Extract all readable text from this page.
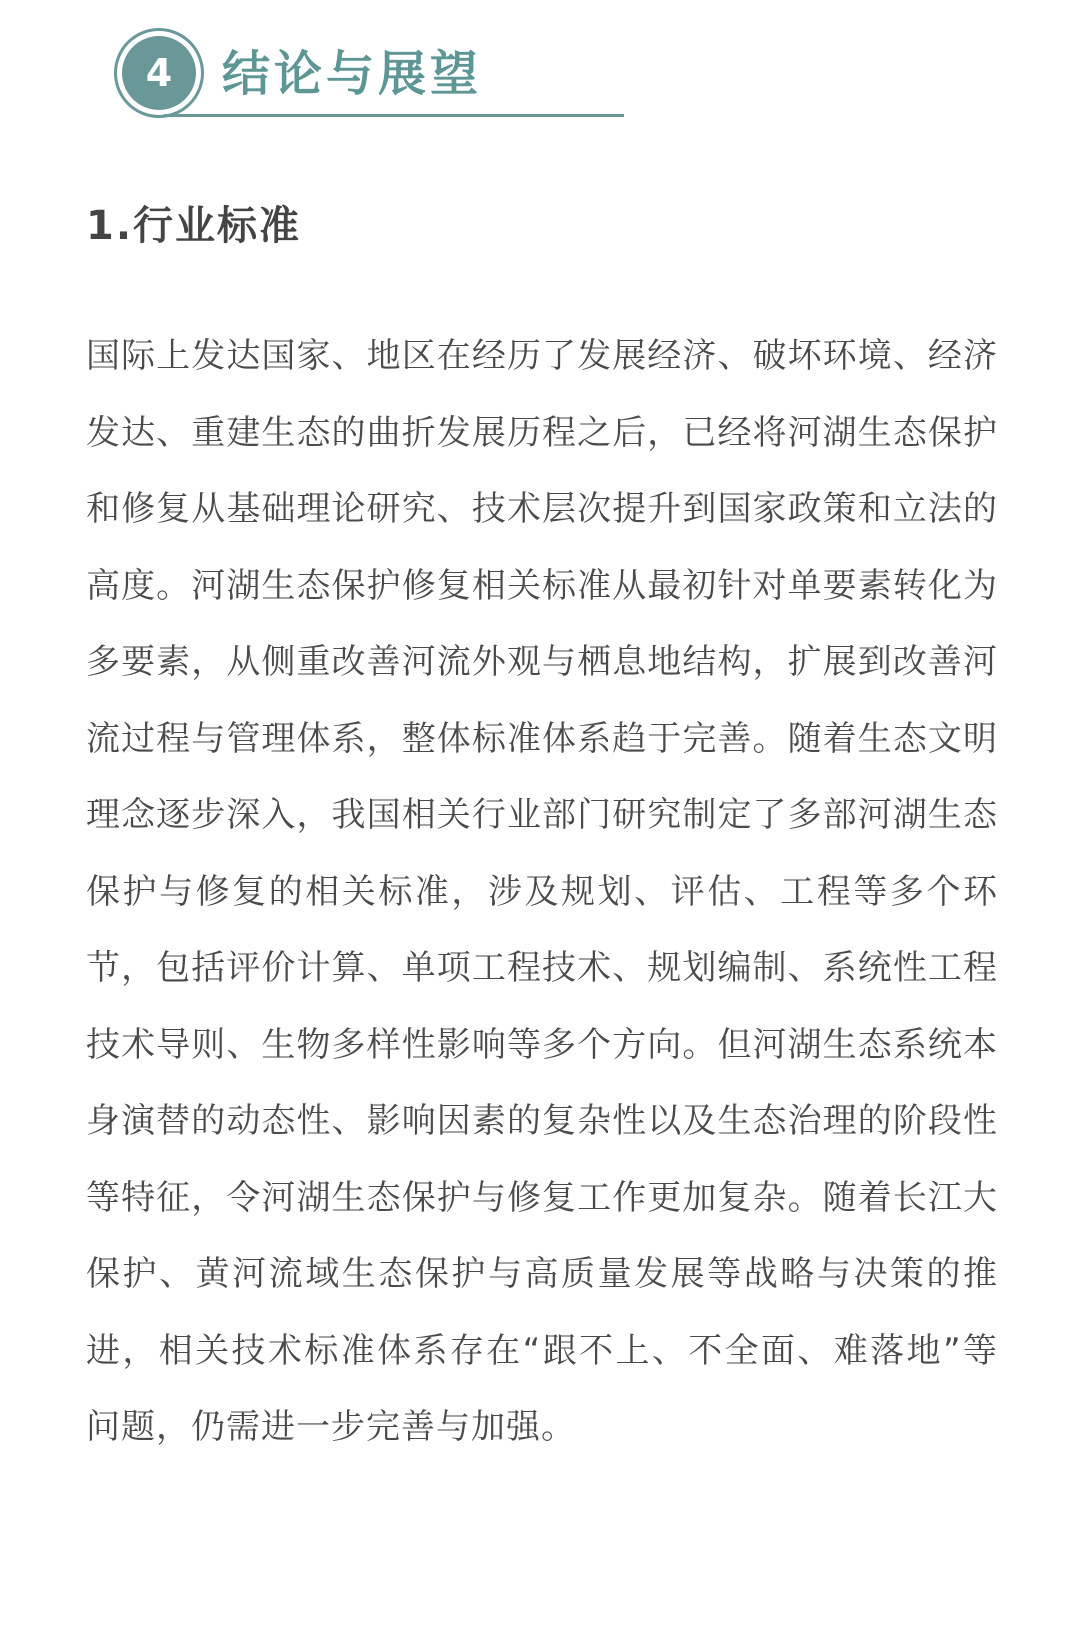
4	结论与展望
1.行业标准

国际上发达国家、地区在经历了发展经济、破坏环境、经济发达、重建生态的曲折发展历程之后，已经将河湖生态保护和修复从基础理论研究、技术层次提升到国家政策和立法的高度。河湖生态保护修复相关标准从最初针对单要素转化为多要素，从侧重改善河流外观与栖息地结构，扩展到改善河流过程与管理体系，整体标准体系趋于完善。随着生态文明理念逐步深入，我国相关行业部门研究制定了多部河湖生态保护与修复的相关标准，涉及规划、评估、工程等多个环节，包括评价计算、单项工程技术、规划编制、系统性工程技术导则、生物多样性影响等多个方向。但河湖生态系统本身演替的动态性、影响因素的复杂性以及生态治理的阶段性等特征，令河湖生态保护与修复工作更加复杂。随着长江大保护、黄河流域生态保护与高质量发展等战略与决策的推进，相关技术标准体系存在“跟不上、不全面、难落地”等问题，仍需进一步完善与加强。
